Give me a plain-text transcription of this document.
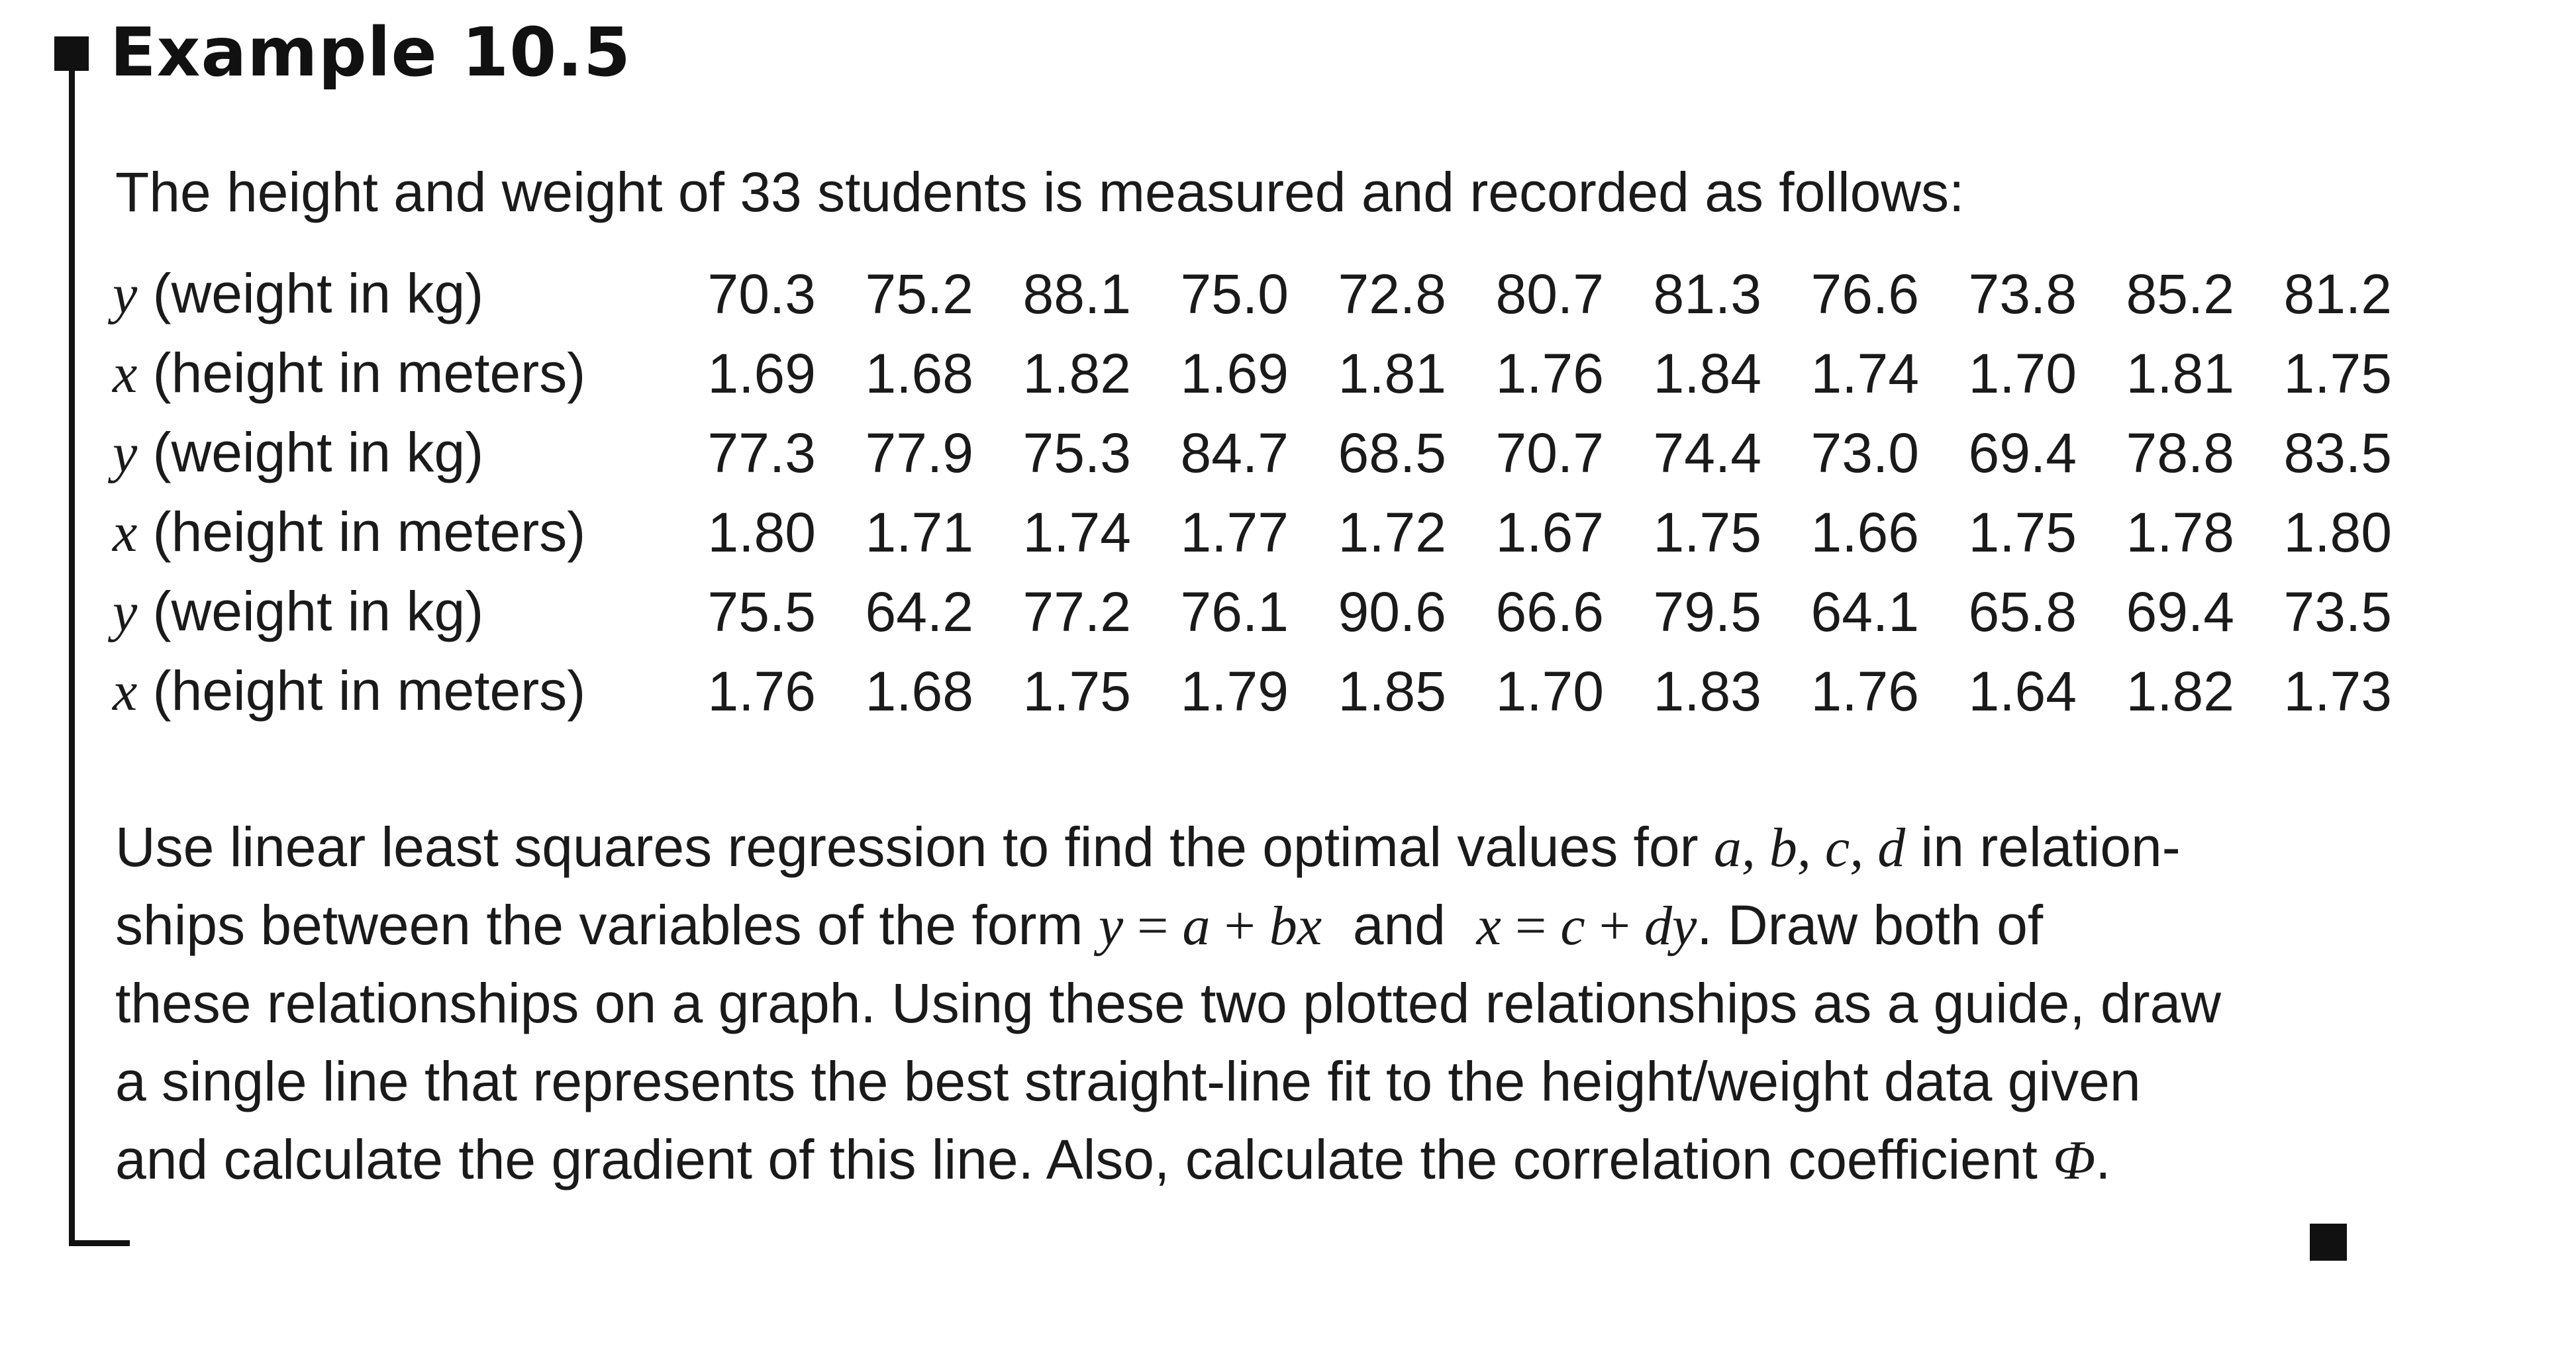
Example 10.5
The height and weight of 33 students is measured and recorded as follows:
y (weight in kg)	70.3	75.2	88.1	75.0	72.8	80.7	81.3	76.6	73.8	85.2	81.2
x (height in meters)	1.69	1.68	1.82	1.69	1.81	1.76	1.84	1.74	1.70	1.81	1.75
y (weight in kg)	77.3	77.9	75.3	84.7	68.5	70.7	74.4	73.0	69.4	78.8	83.5
x (height in meters)	1.80	1.71	1.74	1.77	1.72	1.67	1.75	1.66	1.75	1.78	1.80
y (weight in kg)	75.5	64.2	77.2	76.1	90.6	66.6	79.5	64.1	65.8	69.4	73.5
x (height in meters)	1.76	1.68	1.75	1.79	1.85	1.70	1.83	1.76	1.64	1.82	1.73
Use linear least squares regression to find the optimal values for a, b, c, d in relation-
ships between the variables of the form y = a + bx  and  x = c + dy. Draw both of
these relationships on a graph. Using these two plotted relationships as a guide, draw
a single line that represents the best straight-line fit to the height/weight data given
and calculate the gradient of this line. Also, calculate the correlation coefficient Φ.
